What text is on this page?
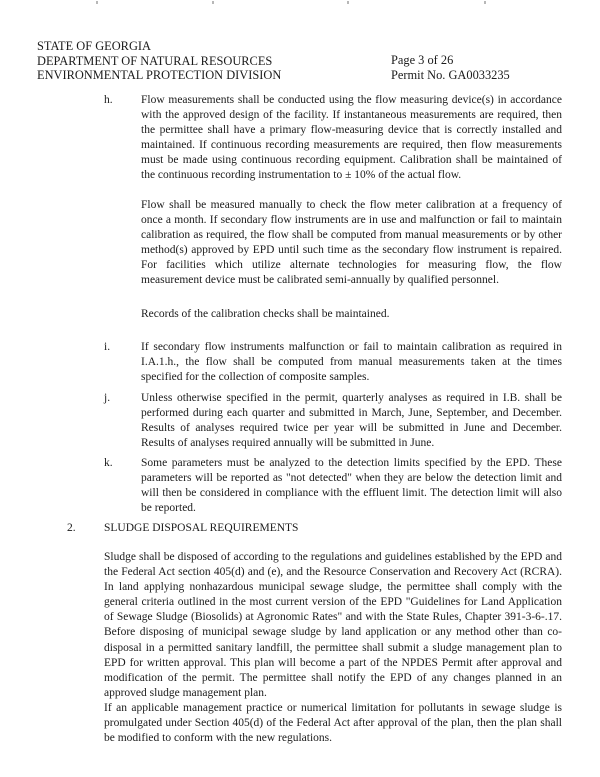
STATE OF GEORGIA
DEPARTMENT OF NATURAL RESOURCES
ENVIRONMENTAL PROTECTION DIVISION
Page 3 of 26
Permit No. GA0033235
h. Flow measurements shall be conducted using the flow measuring device(s) in accordance with the approved design of the facility. If instantaneous measurements are required, then the permittee shall have a primary flow-measuring device that is correctly installed and maintained. If continuous recording measurements are required, then flow measurements must be made using continuous recording equipment. Calibration shall be maintained of the continuous recording instrumentation to ± 10% of the actual flow.
Flow shall be measured manually to check the flow meter calibration at a frequency of once a month. If secondary flow instruments are in use and malfunction or fail to maintain calibration as required, the flow shall be computed from manual measurements or by other method(s) approved by EPD until such time as the secondary flow instrument is repaired. For facilities which utilize alternate technologies for measuring flow, the flow measurement device must be calibrated semi-annually by qualified personnel.
Records of the calibration checks shall be maintained.
i.	If secondary flow instruments malfunction or fail to maintain calibration as required in I.A.1.h., the flow shall be computed from manual measurements taken at the times specified for the collection of composite samples.
j.	Unless otherwise specified in the permit, quarterly analyses as required in I.B. shall be performed during each quarter and submitted in March, June, September, and December. Results of analyses required twice per year will be submitted in June and December. Results of analyses required annually will be submitted in June.
k. Some parameters must be analyzed to the detection limits specified by the EPD. These parameters will be reported as "not detected" when they are below the detection limit and will then be considered in compliance with the effluent limit. The detection limit will also be reported.
2. SLUDGE DISPOSAL REQUIREMENTS
Sludge shall be disposed of according to the regulations and guidelines established by the EPD and the Federal Act section 405(d) and (e), and the Resource Conservation and Recovery Act (RCRA). In land applying nonhazardous municipal sewage sludge, the permittee shall comply with the general criteria outlined in the most current version of the EPD "Guidelines for Land Application of Sewage Sludge (Biosolids) at Agronomic Rates" and with the State Rules, Chapter 391-3-6-.17. Before disposing of municipal sewage sludge by land application or any method other than co-disposal in a permitted sanitary landfill, the permittee shall submit a sludge management plan to EPD for written approval. This plan will become a part of the NPDES Permit after approval and modification of the permit. The permittee shall notify the EPD of any changes planned in an approved sludge management plan.
If an applicable management practice or numerical limitation for pollutants in sewage sludge is promulgated under Section 405(d) of the Federal Act after approval of the plan, then the plan shall be modified to conform with the new regulations.
